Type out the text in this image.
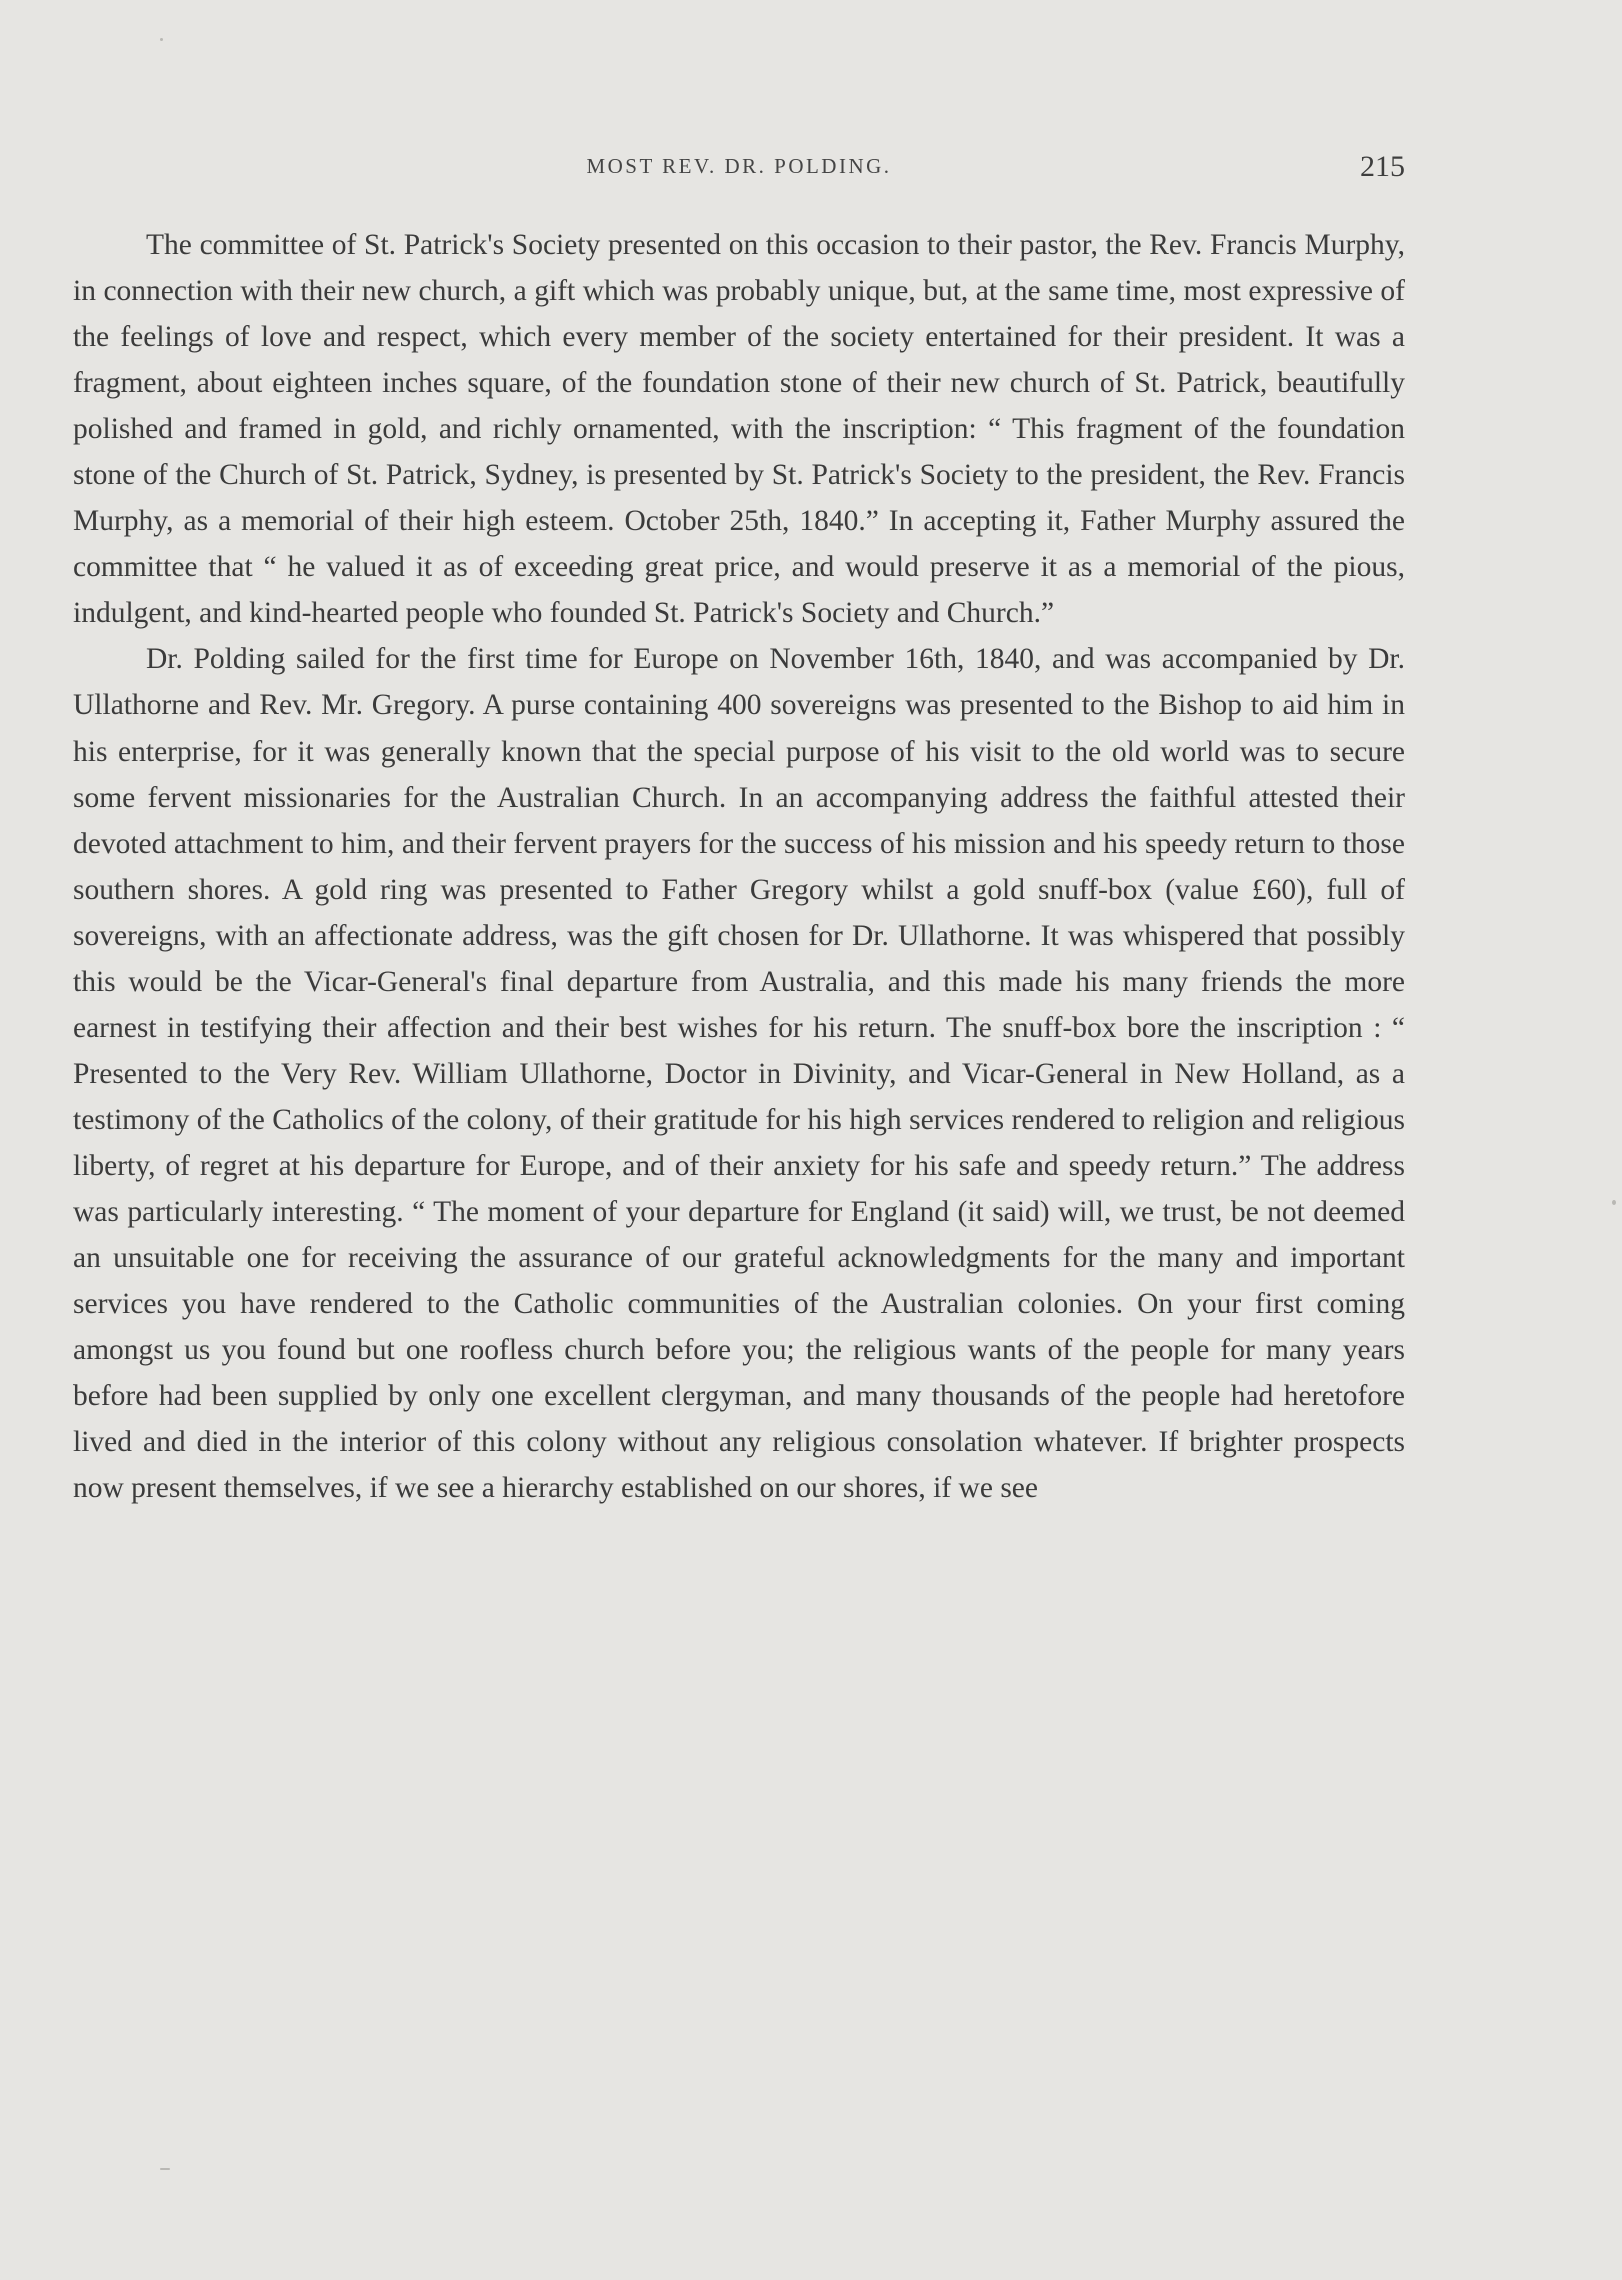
MOST REV. DR. POLDING.	215

The committee of St. Patrick's Society presented on this occasion to their pastor, the Rev. Francis Murphy, in connection with their new church, a gift which was probably unique, but, at the same time, most expressive of the feelings of love and respect, which every member of the society entertained for their president. It was a fragment, about eighteen inches square, of the foundation stone of their new church of St. Patrick, beautifully polished and framed in gold, and richly ornamented, with the inscription: “ This fragment of the foundation stone of the Church of St. Patrick, Sydney, is presented by St. Patrick's Society to the president, the Rev. Francis Murphy, as a memorial of their high esteem. October 25th, 1840.” In accepting it, Father Murphy assured the committee that “ he valued it as of exceeding great price, and would preserve it as a memorial of the pious, indulgent, and kind-hearted people who founded St. Patrick's Society and Church.”

Dr. Polding sailed for the first time for Europe on November 16th, 1840, and was accompanied by Dr. Ullathorne and Rev. Mr. Gregory. A purse containing 400 sovereigns was presented to the Bishop to aid him in his enterprise, for it was generally known that the special purpose of his visit to the old world was to secure some fervent missionaries for the Australian Church. In an accompanying address the faithful attested their devoted attachment to him, and their fervent prayers for the success of his mission and his speedy return to those southern shores. A gold ring was presented to Father Gregory whilst a gold snuff-box (value £60), full of sovereigns, with an affectionate address, was the gift chosen for Dr. Ullathorne. It was whispered that possibly this would be the Vicar-General's final departure from Australia, and this made his many friends the more earnest in testifying their affection and their best wishes for his return. The snuff-box bore the inscription : “ Presented to the Very Rev. William Ullathorne, Doctor in Divinity, and Vicar-General in New Holland, as a testimony of the Catholics of the colony, of their gratitude for his high services rendered to religion and religious liberty, of regret at his departure for Europe, and of their anxiety for his safe and speedy return.” The address was particularly interesting. “ The moment of your departure for England (it said) will, we trust, be not deemed an unsuitable one for receiving the assurance of our grateful acknowledgments for the many and important services you have rendered to the Catholic communities of the Australian colonies. On your first coming amongst us you found but one roofless church before you; the religious wants of the people for many years before had been supplied by only one excellent clergyman, and many thousands of the people had heretofore lived and died in the interior of this colony without any religious consolation whatever. If brighter prospects now present themselves, if we see a hierarchy established on our shores, if we see
